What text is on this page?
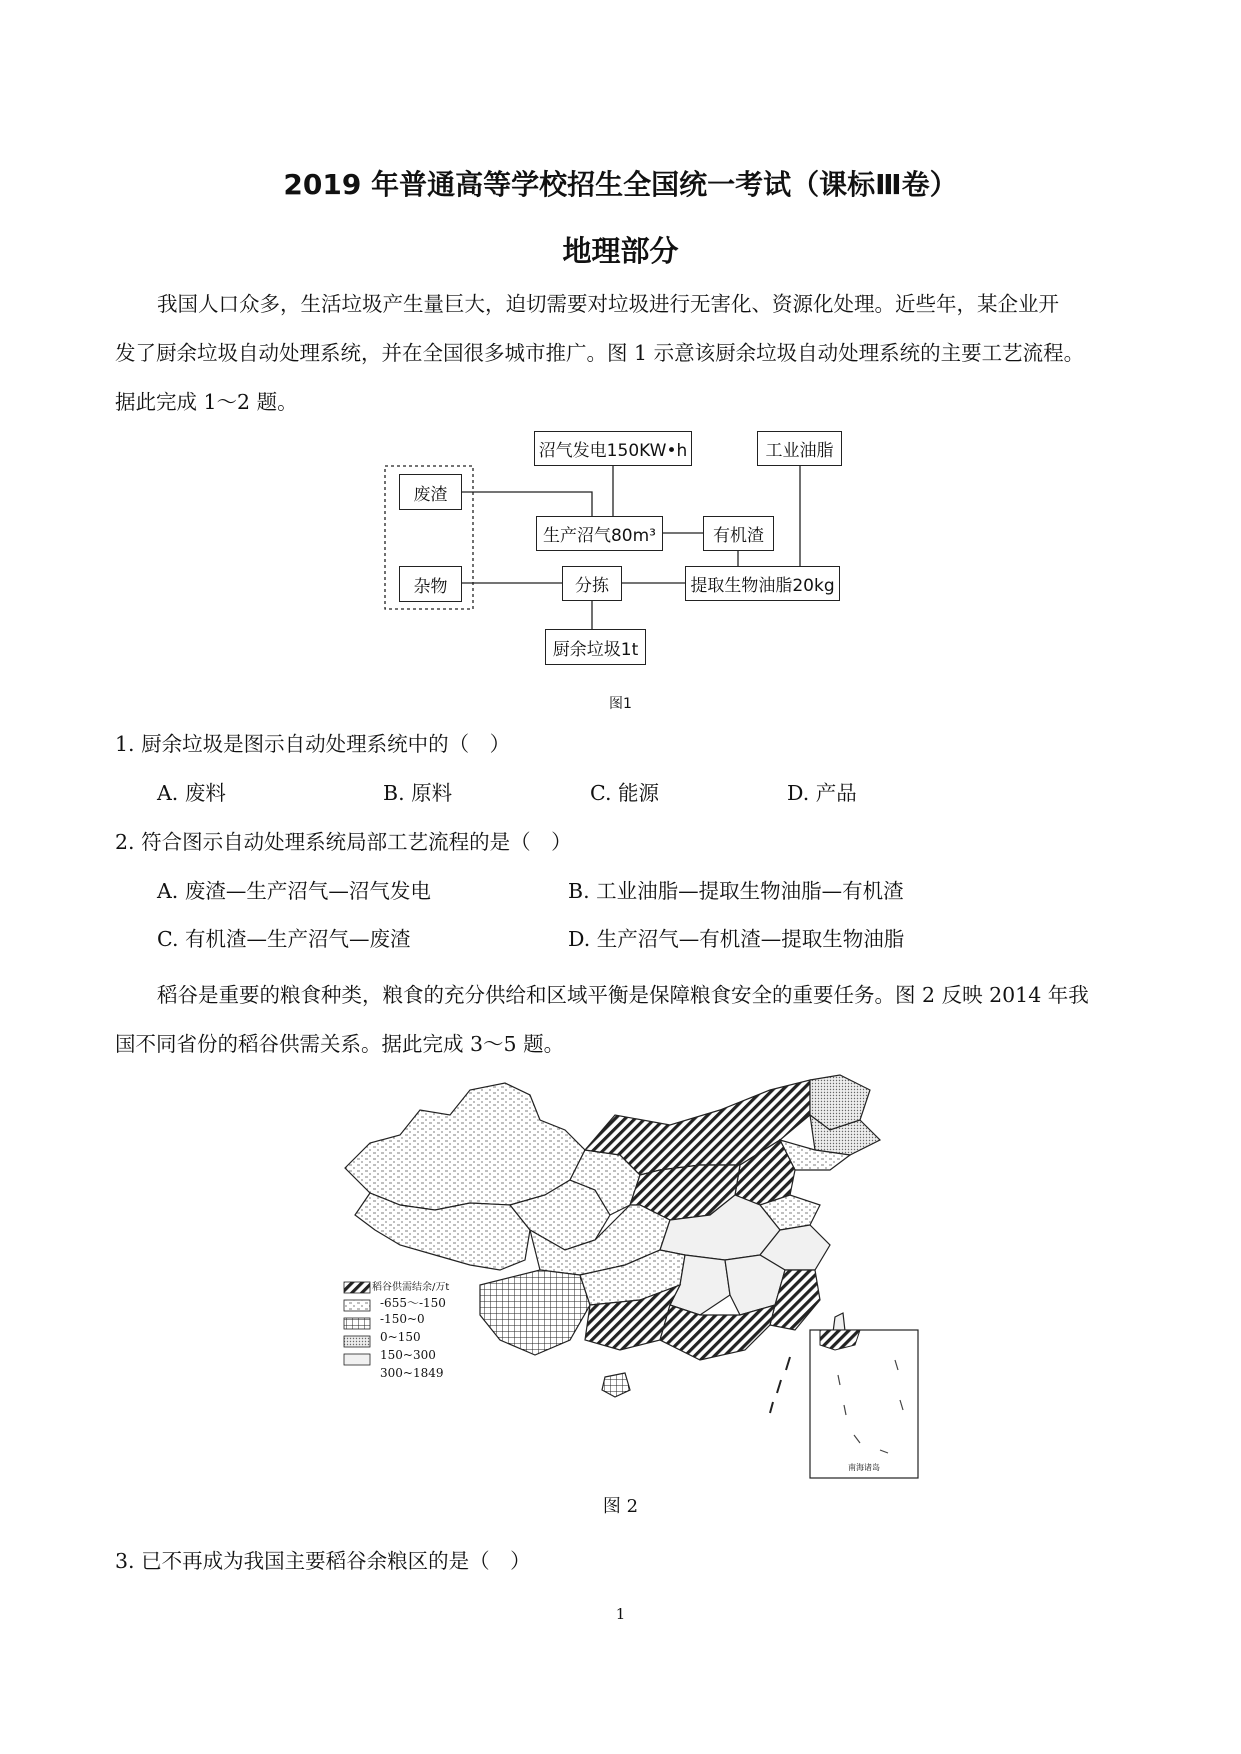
2019 年普通高等学校招生全国统一考试（课标Ⅲ卷）
地理部分

我国人口众多，生活垃圾产生量巨大，迫切需要对垃圾进行无害化、资源化处理。近些年，某企业开

发了厨余垃圾自动处理系统，并在全国很多城市推广。图 1 示意该厨余垃圾自动处理系统的主要工艺流程。

据此完成 1～2 题。

沼气发电150KW•h	工业油脂
废渣
生产沼气80m³	有机渣
杂物	分拣	提取生物油脂20kg
厨余垃圾1t
图1
1. 厨余垃圾是图示自动处理系统中的（　）
A. 废料	B. 原料	C. 能源	D. 产品
2. 符合图示自动处理系统局部工艺流程的是（　）
A. 废渣—生产沼气—沼气发电	B. 工业油脂—提取生物油脂—有机渣
C. 有机渣—生产沼气—废渣	D. 生产沼气—有机渣—提取生物油脂

稻谷是重要的粮食种类，粮食的充分供给和区域平衡是保障粮食安全的重要任务。图 2 反映 2014 年我

国不同省份的稻谷供需关系。据此完成 3～5 题。

稻谷供需结余/万t
-655～-150
-150~0
0~150
150~300
300~1849
南海诸岛
图 2
3. 已不再成为我国主要稻谷余粮区的是（　）
1
